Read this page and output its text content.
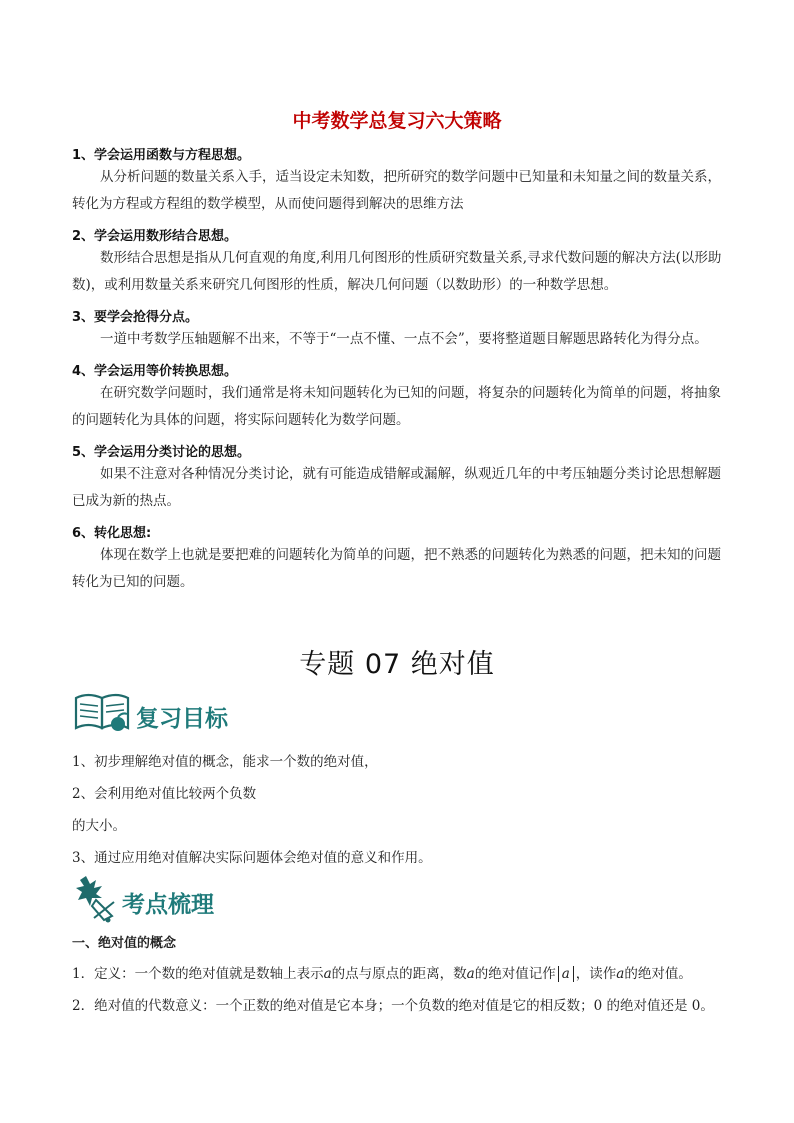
中考数学总复习六大策略
1、学会运用函数与方程思想。

从分析问题的数量关系入手，适当设定未知数，把所研究的数学问题中已知量和未知量之间的数量关系，转化为方程或方程组的数学模型，从而使问题得到解决的思维方法

2、学会运用数形结合思想。

数形结合思想是指从几何直观的角度,利用几何图形的性质研究数量关系,寻求代数问题的解决方法(以形助数)，或利用数量关系来研究几何图形的性质，解决几何问题（以数助形）的一种数学思想。

3、要学会抢得分点。

一道中考数学压轴题解不出来，不等于“一点不懂、一点不会”，要将整道题目解题思路转化为得分点。

4、学会运用等价转换思想。

在研究数学问题时，我们通常是将未知问题转化为已知的问题，将复杂的问题转化为简单的问题，将抽象的问题转化为具体的问题，将实际问题转化为数学问题。

5、学会运用分类讨论的思想。

如果不注意对各种情况分类讨论，就有可能造成错解或漏解，纵观近几年的中考压轴题分类讨论思想解题已成为新的热点。

6、转化思想:

体现在数学上也就是要把难的问题转化为简单的问题，把不熟悉的问题转化为熟悉的问题，把未知的问题转化为已知的问题。

专题 07 绝对值
复习目标
1、初步理解绝对值的概念，能求一个数的绝对值，
2、会利用绝对值比较两个负数
的大小。
3、通过应用绝对值解决实际问题体会绝对值的意义和作用。
考点梳理
一、绝对值的概念
1．定义：一个数的绝对值就是数轴上表示a的点与原点的距离，数a的绝对值记作 a ，读作a的绝对值。
2．绝对值的代数意义：一个正数的绝对值是它本身；一个负数的绝对值是它的相反数；0 的绝对值还是 0。
